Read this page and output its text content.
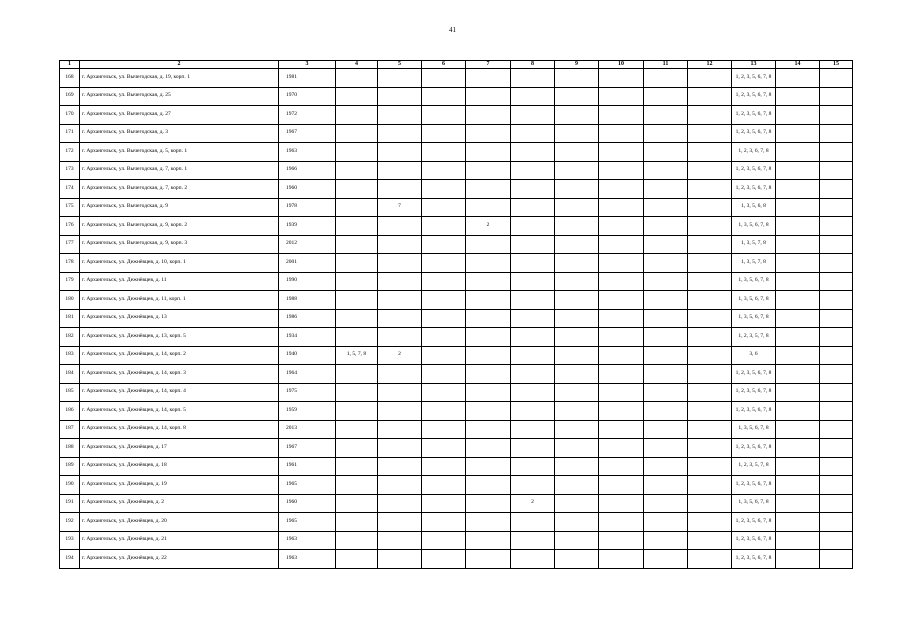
41
1	2	3	4	5	6	7	8	9	10	11	12	13	14	15
168	г. Архангельск, ул. Вычегодская, д. 19, корп. 1	1981										1, 2, 3, 5, 6, 7, 8		
169	г. Архангельск, ул. Вычегодская, д. 25	1970										1, 2, 3, 5, 6, 7, 8		
170	г. Архангельск, ул. Вычегодская, д. 27	1972										1, 2, 3, 5, 6, 7, 8		
171	г. Архангельск, ул. Вычегодская, д. 3	1967										1, 2, 3, 5, 6, 7, 8		
172	г. Архангельск, ул. Вычегодская, д. 5, корп. 1	1963										1, 2, 3, 6, 7, 8		
173	г. Архангельск, ул. Вычегодская, д. 7, корп. 1	1966										1, 2, 3, 5, 6, 7, 8		
174	г. Архангельск, ул. Вычегодская, д. 7, корп. 2	1960										1, 2, 3, 5, 6, 7, 8		
175	г. Архангельск, ул. Вычегодская, д. 9	1978		7								1, 3, 5, 6, 8		
176	г. Архангельск, ул. Вычегодская, д. 9, корп. 2	1939				2						1, 3, 5, 6, 7, 8		
177	г. Архангельск, ул. Вычегодская, д. 9, корп. 3	2012										1, 3, 5, 7, 8		
178	г. Архангельск, ул. Дежнёвцев, д. 10, корп. 1	2001										1, 3, 5, 7, 8		
179	г. Архангельск, ул. Дежнёвцев, д. 11	1990										1, 3, 5, 6, 7, 8		
180	г. Архангельск, ул. Дежнёвцев, д. 11, корп. 1	1988										1, 3, 5, 6, 7, 8		
181	г. Архангельск, ул. Дежнёвцев, д. 13	1986										1, 3, 5, 6, 7, 8		
182	г. Архангельск, ул. Дежнёвцев, д. 13, корп. 5	1934										1, 2, 3, 5, 7, 8		
183	г. Архангельск, ул. Дежнёвцев, д. 14, корп. 2	1940	1, 5, 7, 8	2								3, 6		
184	г. Архангельск, ул. Дежнёвцев, д. 14, корп. 3	1964										1, 2, 3, 5, 6, 7, 8		
185	г. Архангельск, ул. Дежнёвцев, д. 14, корп. 4	1975										1, 2, 3, 5, 6, 7, 8		
186	г. Архангельск, ул. Дежнёвцев, д. 14, корп. 5	1959										1, 2, 3, 5, 6, 7, 8		
187	г. Архангельск, ул. Дежнёвцев, д. 14, корп. 8	2013										1, 3, 5, 6, 7, 8		
188	г. Архангельск, ул. Дежнёвцев, д. 17	1967										1, 2, 3, 5, 6, 7, 8		
189	г. Архангельск, ул. Дежнёвцев, д. 18	1961										1, 2, 3, 5, 7, 8		
190	г. Архангельск, ул. Дежнёвцев, д. 19	1965										1, 2, 3, 5, 6, 7, 8		
191	г. Архангельск, ул. Дежнёвцев, д. 2	1960					2					1, 3, 5, 6, 7, 8		
192	г. Архангельск, ул. Дежнёвцев, д. 20	1965										1, 2, 3, 5, 6, 7, 8		
193	г. Архангельск, ул. Дежнёвцев, д. 21	1963										1, 2, 3, 5, 6, 7, 8		
194	г. Архангельск, ул. Дежнёвцев, д. 22	1963										1, 2, 3, 5, 6, 7, 8		
